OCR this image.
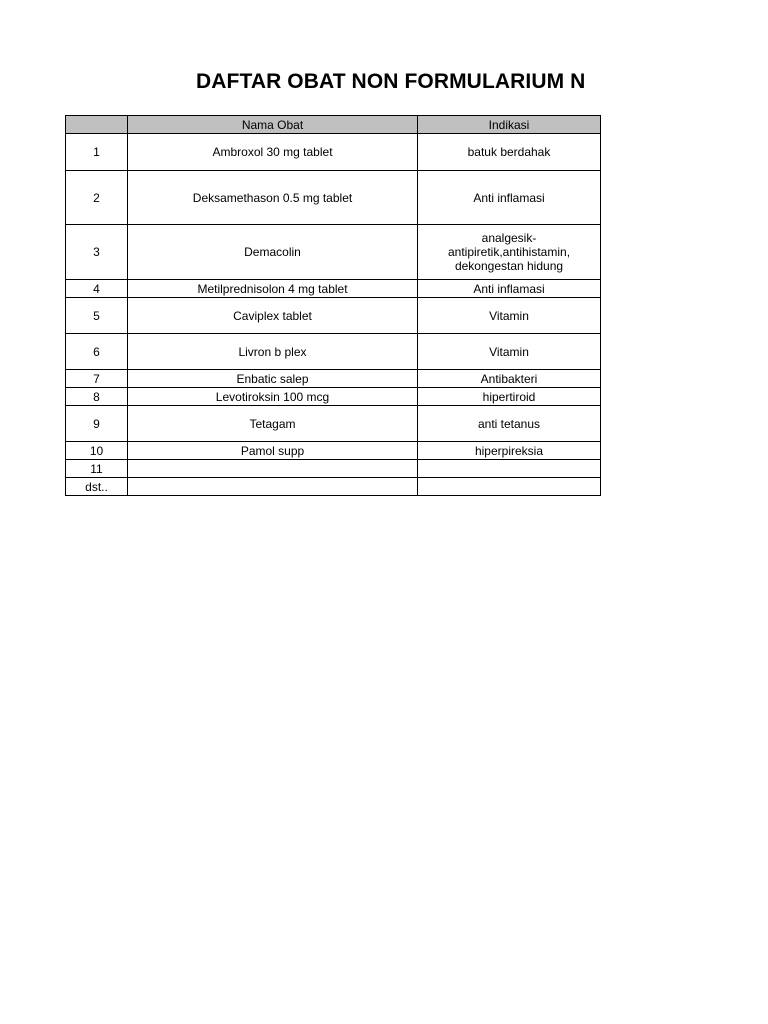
DAFTAR OBAT NON FORMULARIUM N
	Nama Obat	Indikasi
1	Ambroxol 30 mg tablet	batuk berdahak
2	Deksamethason 0.5 mg tablet	Anti inflamasi
3	Demacolin	analgesik-
antipiretik,antihistamin,
dekongestan hidung
4	Metilprednisolon 4 mg tablet	Anti inflamasi
5	Caviplex tablet	Vitamin
6	Livron b plex	Vitamin
7	Enbatic salep	Antibakteri
8	Levotiroksin 100 mcg	hipertiroid
9	Tetagam	anti tetanus
10	Pamol supp	hiperpireksia
11		
dst..		
